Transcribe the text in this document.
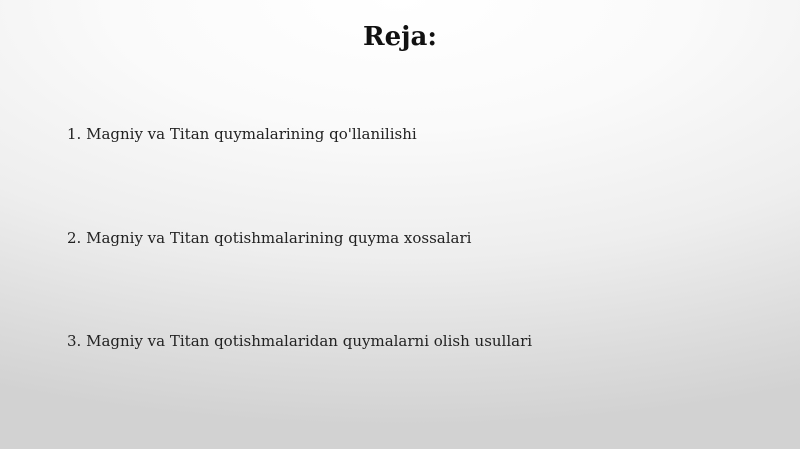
Reja:

1. Magniy va Titan quymalarining qo'llanilishi

2. Magniy va Titan qotishmalarining quyma xossalari

3. Magniy va Titan qotishmalaridan quymalarni olish usullari
